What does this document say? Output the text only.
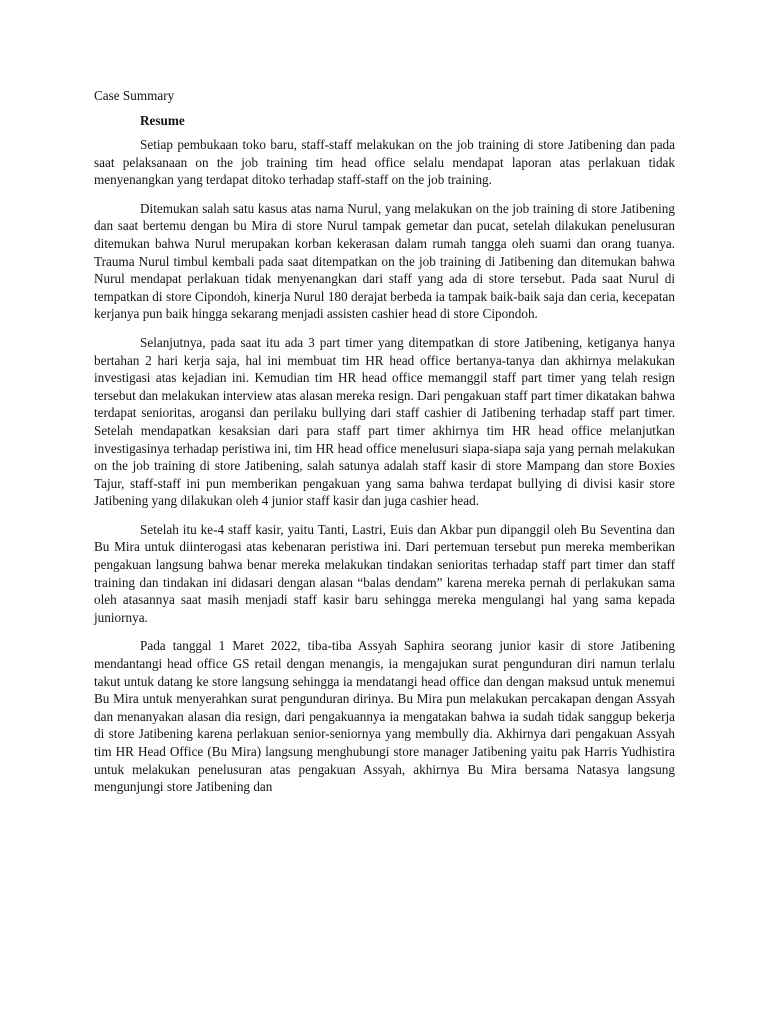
Case Summary
Resume

Setiap pembukaan toko baru, staff-staff melakukan on the job training di store Jatibening dan pada saat pelaksanaan on the job training tim head office selalu mendapat laporan atas perlakuan tidak menyenangkan yang terdapat ditoko terhadap staff-staff on the job training.

Ditemukan salah satu kasus atas nama Nurul, yang melakukan on the job training di store Jatibening dan saat bertemu dengan bu Mira di store Nurul tampak gemetar dan pucat, setelah dilakukan penelusuran ditemukan bahwa Nurul merupakan korban kekerasan dalam rumah tangga oleh suami dan orang tuanya. Trauma Nurul timbul kembali pada saat ditempatkan on the job training di Jatibening dan ditemukan bahwa Nurul mendapat perlakuan tidak menyenangkan dari staff yang ada di store tersebut. Pada saat Nurul di tempatkan di store Cipondoh, kinerja Nurul 180 derajat berbeda ia tampak baik-baik saja dan ceria, kecepatan kerjanya pun baik hingga sekarang menjadi assisten cashier head di store Cipondoh.

Selanjutnya, pada saat itu ada 3 part timer yang ditempatkan di store Jatibening, ketiganya hanya bertahan 2 hari kerja saja, hal ini membuat tim HR head office bertanya-tanya dan akhirnya melakukan investigasi atas kejadian ini. Kemudian tim HR head office memanggil staff part timer yang telah resign tersebut dan melakukan interview atas alasan mereka resign. Dari pengakuan staff part timer dikatakan bahwa terdapat senioritas, arogansi dan perilaku bullying dari staff cashier di Jatibening terhadap staff part timer. Setelah mendapatkan kesaksian dari para staff part timer akhirnya tim HR head office melanjutkan investigasinya terhadap peristiwa ini, tim HR head office menelusuri siapa-siapa saja yang pernah melakukan on the job training di store Jatibening, salah satunya adalah staff kasir di store Mampang dan store Boxies Tajur, staff-staff ini pun memberikan pengakuan yang sama bahwa terdapat bullying di divisi kasir store Jatibening yang dilakukan oleh 4 junior staff kasir dan juga cashier head.

Setelah itu ke-4 staff kasir, yaitu Tanti, Lastri, Euis dan Akbar pun dipanggil oleh Bu Seventina dan Bu Mira untuk diinterogasi atas kebenaran peristiwa ini. Dari pertemuan tersebut pun mereka memberikan pengakuan langsung bahwa benar mereka melakukan tindakan senioritas terhadap staff part timer dan staff training dan tindakan ini didasari dengan alasan “balas dendam” karena mereka pernah di perlakukan sama oleh atasannya saat masih menjadi staff kasir baru sehingga mereka mengulangi hal yang sama kepada juniornya.

Pada tanggal 1 Maret 2022, tiba-tiba Assyah Saphira seorang junior kasir di store Jatibening mendantangi head office GS retail dengan menangis, ia mengajukan surat pengunduran diri namun terlalu takut untuk datang ke store langsung sehingga ia mendatangi head office dan dengan maksud untuk menemui Bu Mira untuk menyerahkan surat pengunduran dirinya. Bu Mira pun melakukan percakapan dengan Assyah dan menanyakan alasan dia resign, dari pengakuannya ia mengatakan bahwa ia sudah tidak sanggup bekerja di store Jatibening karena perlakuan senior-seniornya yang membully dia. Akhirnya dari pengakuan Assyah tim HR Head Office (Bu Mira) langsung menghubungi store manager Jatibening yaitu pak Harris Yudhistira untuk melakukan penelusuran atas pengakuan Assyah, akhirnya Bu Mira bersama Natasya langsung mengunjungi store Jatibening dan
